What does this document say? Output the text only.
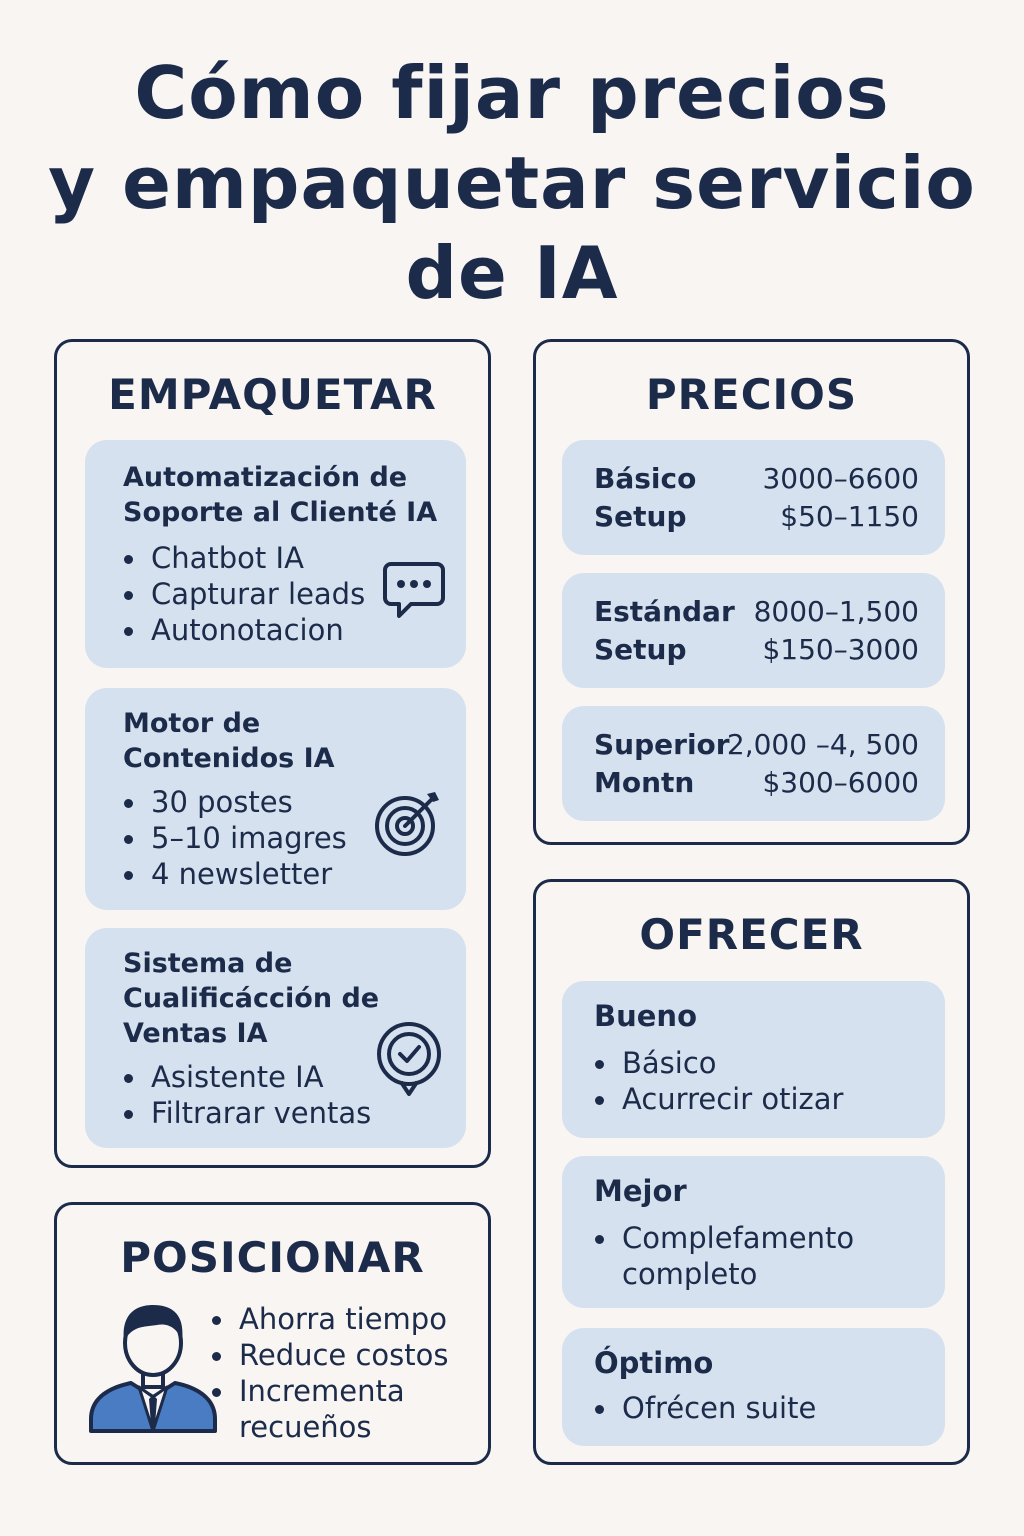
Cómo fijar precios
y empaquetar servicio
de IA
EMPAQUETAR
Automatización de
Soporte al Clienté IA
Chatbot IA
Capturar leads
Autonotacion
Motor de
Contenidos IA
30 postes
5–10 imagres
4 newsletter
Sistema de
Cualificácción de
Ventas IA
Asistente IA
Filtrarar ventas
PRECIOS
Básico 3000–6600
Setup	$50–1150
Estándar 8000–1,500
Setup	$150–3000
Superior
2,000 –4, 500
Montn $300–6000
OFRECER
Bueno
Básico
Acurrecir otizar
Mejor
Complefamento completo
Óptimo
Ofrécen suite
POSICIONAR
Ahorra tiempo
Reduce costos
Incrementa recueños
